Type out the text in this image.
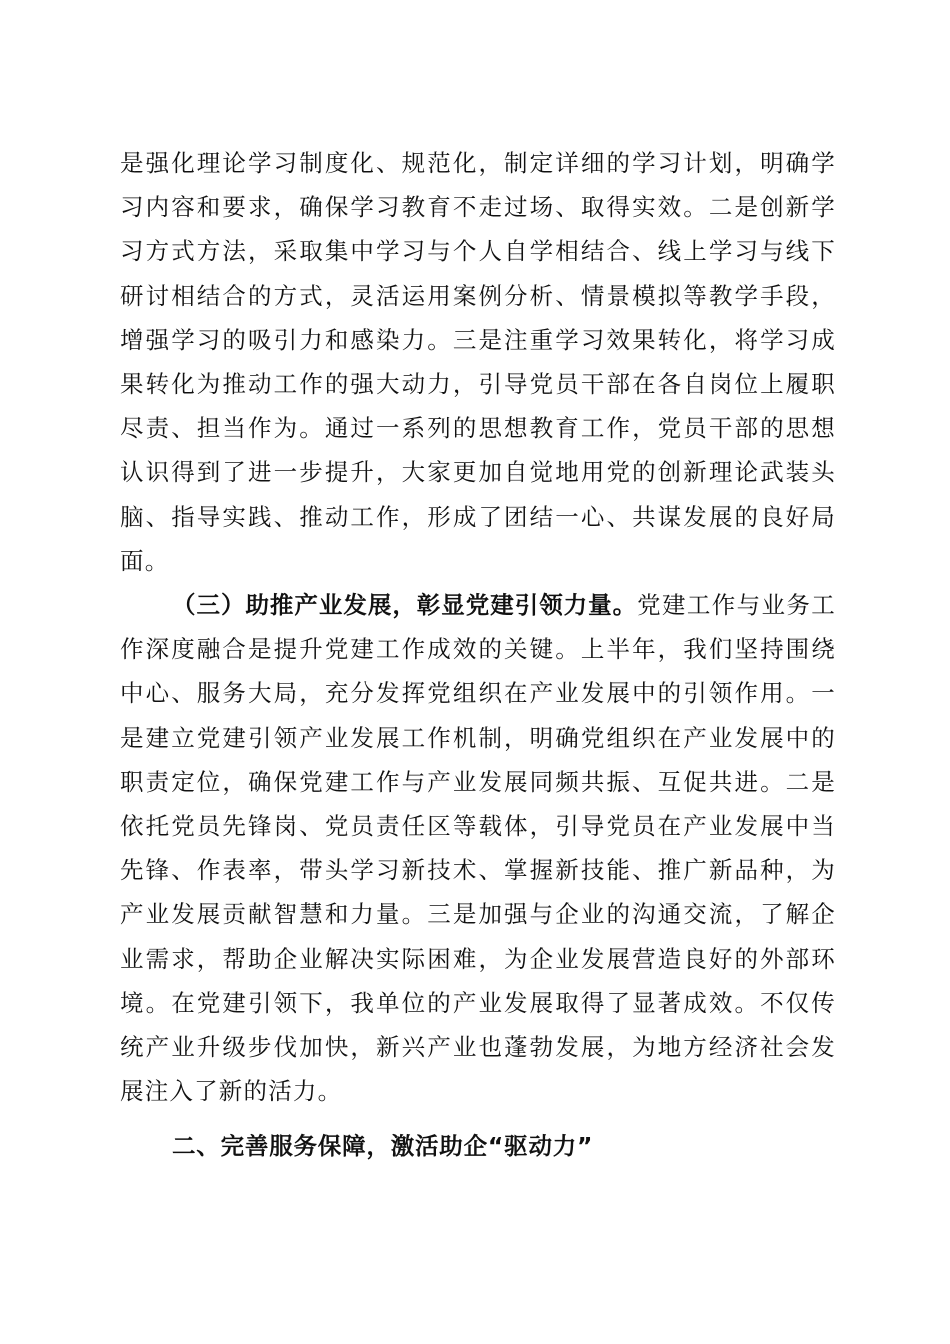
是强化理论学习制度化、规范化，制定详细的学习计划，明确学习内容和要求，确保学习教育不走过场、取得实效。二是创新学习方式方法，采取集中学习与个人自学相结合、线上学习与线下研讨相结合的方式，灵活运用案例分析、情景模拟等教学手段，增强学习的吸引力和感染力。三是注重学习效果转化，将学习成果转化为推动工作的强大动力，引导党员干部在各自岗位上履职尽责、担当作为。通过一系列的思想教育工作，党员干部的思想认识得到了进一步提升，大家更加自觉地用党的创新理论武装头脑、指导实践、推动工作，形成了团结一心、共谋发展的良好局面。

（三）助推产业发展，彰显党建引领力量。党建工作与业务工作深度融合是提升党建工作成效的关键。上半年，我们坚持围绕中心、服务大局，充分发挥党组织在产业发展中的引领作用。一是建立党建引领产业发展工作机制，明确党组织在产业发展中的职责定位，确保党建工作与产业发展同频共振、互促共进。二是依托党员先锋岗、党员责任区等载体，引导党员在产业发展中当先锋、作表率，带头学习新技术、掌握新技能、推广新品种，为产业发展贡献智慧和力量。三是加强与企业的沟通交流，了解企业需求，帮助企业解决实际困难，为企业发展营造良好的外部环境。在党建引领下，我单位的产业发展取得了显著成效。不仅传统产业升级步伐加快，新兴产业也蓬勃发展，为地方经济社会发展注入了新的活力。

二、完善服务保障，激活助企“驱动力”
